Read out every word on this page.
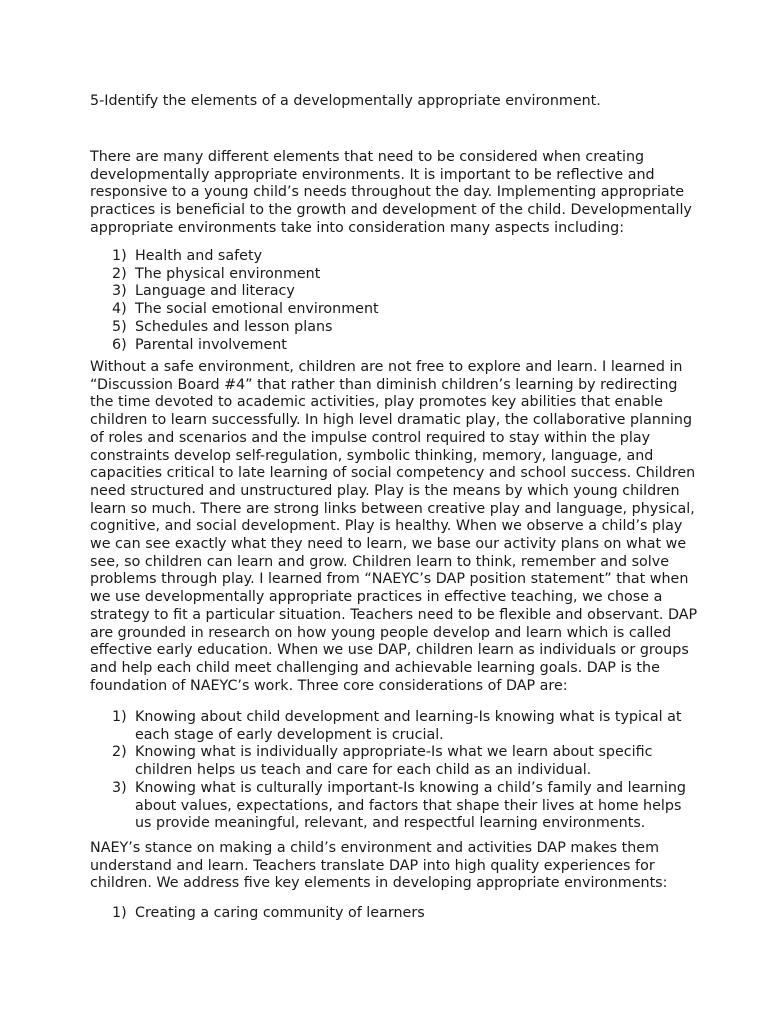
5-Identify the elements of a developmentally appropriate environment.

There are many different elements that need to be considered when creating
developmentally appropriate environments. It is important to be reflective and
responsive to a young child’s needs throughout the day. Implementing appropriate
practices is beneficial to the growth and development of the child. Developmentally
appropriate environments take into consideration many aspects including:

1) Health and safety
2) The physical environment
3) Language and literacy
4) The social emotional environment
5) Schedules and lesson plans
6) Parental involvement

Without a safe environment, children are not free to explore and learn. I learned in
“Discussion Board #4” that rather than diminish children’s learning by redirecting
the time devoted to academic activities, play promotes key abilities that enable
children to learn successfully. In high level dramatic play, the collaborative planning
of roles and scenarios and the impulse control required to stay within the play
constraints develop self-regulation, symbolic thinking, memory, language, and
capacities critical to late learning of social competency and school success. Children
need structured and unstructured play. Play is the means by which young children
learn so much. There are strong links between creative play and language, physical,
cognitive, and social development. Play is healthy. When we observe a child’s play
we can see exactly what they need to learn, we base our activity plans on what we
see, so children can learn and grow. Children learn to think, remember and solve
problems through play. I learned from “NAEYC’s DAP position statement” that when
we use developmentally appropriate practices in effective teaching, we chose a
strategy to fit a particular situation. Teachers need to be flexible and observant. DAP
are grounded in research on how young people develop and learn which is called
effective early education. When we use DAP, children learn as individuals or groups
and help each child meet challenging and achievable learning goals. DAP is the
foundation of NAEYC’s work. Three core considerations of DAP are:

1) Knowing about child development and learning-Is knowing what is typical at
each stage of early development is crucial.
2) Knowing what is individually appropriate-Is what we learn about specific
children helps us teach and care for each child as an individual.
3) Knowing what is culturally important-Is knowing a child’s family and learning
about values, expectations, and factors that shape their lives at home helps
us provide meaningful, relevant, and respectful learning environments.

NAEY’s stance on making a child’s environment and activities DAP makes them
understand and learn. Teachers translate DAP into high quality experiences for
children. We address five key elements in developing appropriate environments:

1) Creating a caring community of learners
